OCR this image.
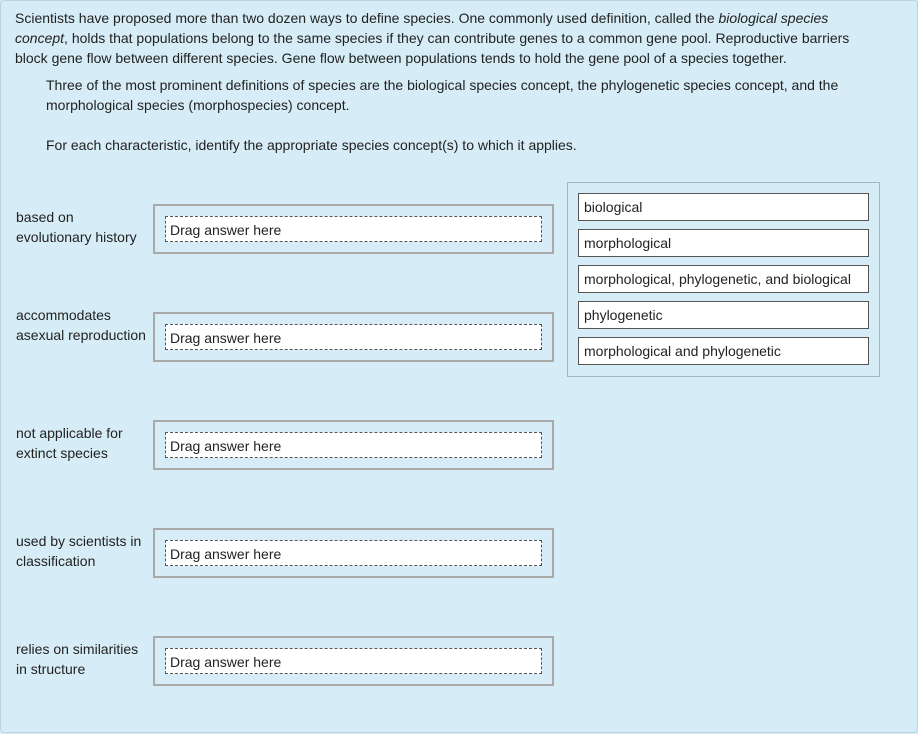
Scientists have proposed more than two dozen ways to define species. One commonly used definition, called the biological species concept, holds that populations belong to the same species if they can contribute genes to a common gene pool. Reproductive barriers block gene flow between different species. Gene flow between populations tends to hold the gene pool of a species together.
Three of the most prominent definitions of species are the biological species concept, the phylogenetic species concept, and the morphological species (morphospecies) concept.
For each characteristic, identify the appropriate species concept(s) to which it applies.
based on evolutionary history	Drag answer here
accommodates asexual reproduction	Drag answer here
not applicable for extinct species	Drag answer here
used by scientists in classification	Drag answer here
relies on similarities in structure	Drag answer here
biological
morphological
morphological, phylogenetic, and biological
phylogenetic
morphological and phylogenetic
